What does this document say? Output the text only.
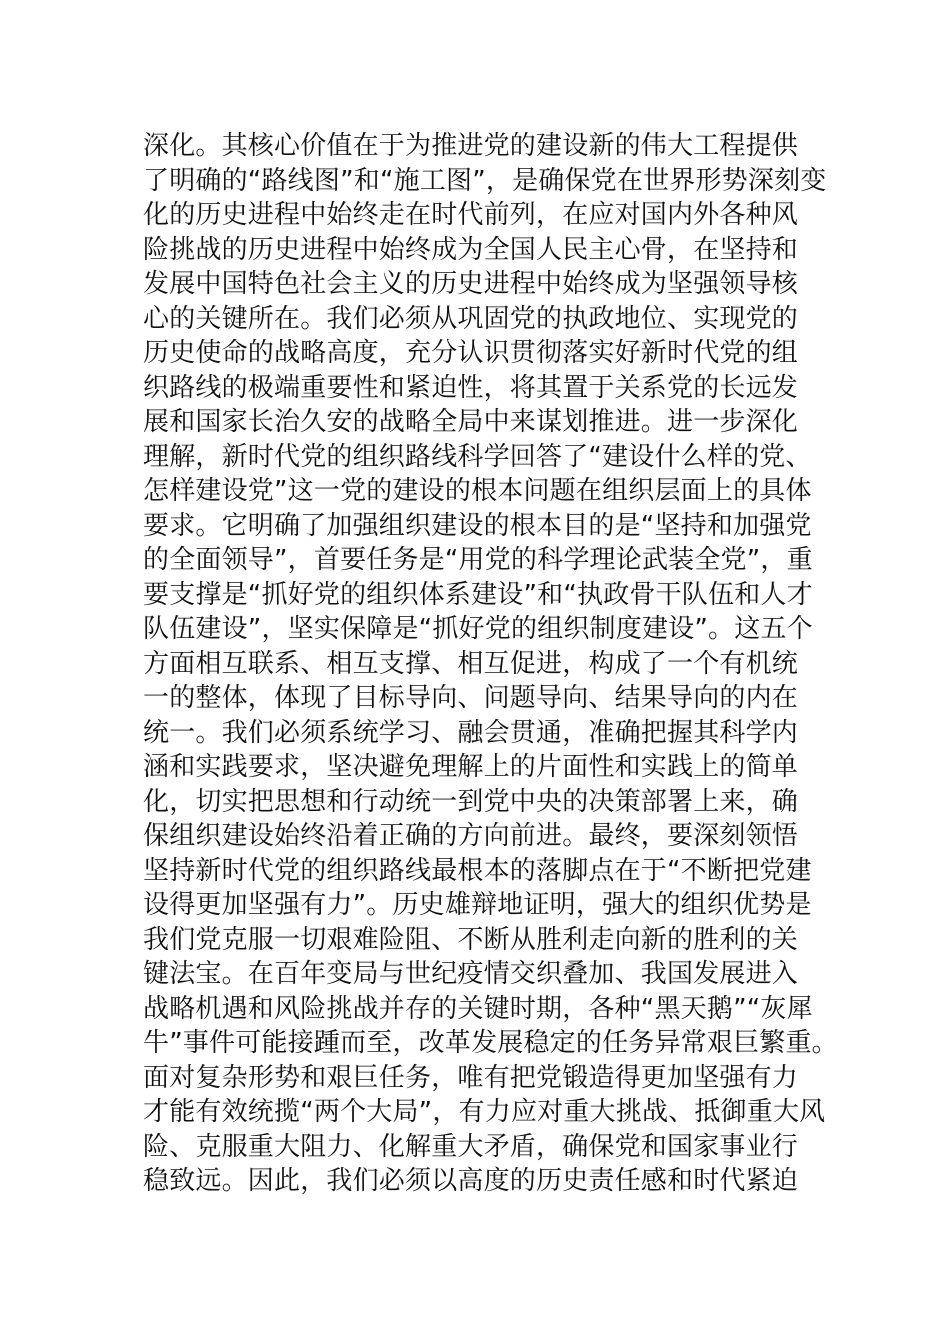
深化。其核心价值在于为推进党的建设新的伟大工程提供
了明确的“路线图”和“施工图”，是确保党在世界形势深刻变
化的历史进程中始终走在时代前列，在应对国内外各种风
险挑战的历史进程中始终成为全国人民主心骨，在坚持和
发展中国特色社会主义的历史进程中始终成为坚强领导核
心的关键所在。我们必须从巩固党的执政地位、实现党的
历史使命的战略高度，充分认识贯彻落实好新时代党的组
织路线的极端重要性和紧迫性，将其置于关系党的长远发
展和国家长治久安的战略全局中来谋划推进。进一步深化
理解，新时代党的组织路线科学回答了“建设什么样的党、
怎样建设党”这一党的建设的根本问题在组织层面上的具体
要求。它明确了加强组织建设的根本目的是“坚持和加强党
的全面领导”，首要任务是“用党的科学理论武装全党”，重
要支撑是“抓好党的组织体系建设”和“执政骨干队伍和人才
队伍建设”，坚实保障是“抓好党的组织制度建设”。这五个
方面相互联系、相互支撑、相互促进，构成了一个有机统
一的整体，体现了目标导向、问题导向、结果导向的内在
统一。我们必须系统学习、融会贯通，准确把握其科学内
涵和实践要求，坚决避免理解上的片面性和实践上的简单
化，切实把思想和行动统一到党中央的决策部署上来，确
保组织建设始终沿着正确的方向前进。最终，要深刻领悟
坚持新时代党的组织路线最根本的落脚点在于“不断把党建
设得更加坚强有力”。历史雄辩地证明，强大的组织优势是
我们党克服一切艰难险阻、不断从胜利走向新的胜利的关
键法宝。在百年变局与世纪疫情交织叠加、我国发展进入
战略机遇和风险挑战并存的关键时期，各种“黑天鹅”“灰犀
牛”事件可能接踵而至，改革发展稳定的任务异常艰巨繁重。
面对复杂形势和艰巨任务，唯有把党锻造得更加坚强有力
才能有效统揽“两个大局”，有力应对重大挑战、抵御重大风
险、克服重大阻力、化解重大矛盾，确保党和国家事业行
稳致远。因此，我们必须以高度的历史责任感和时代紧迫
